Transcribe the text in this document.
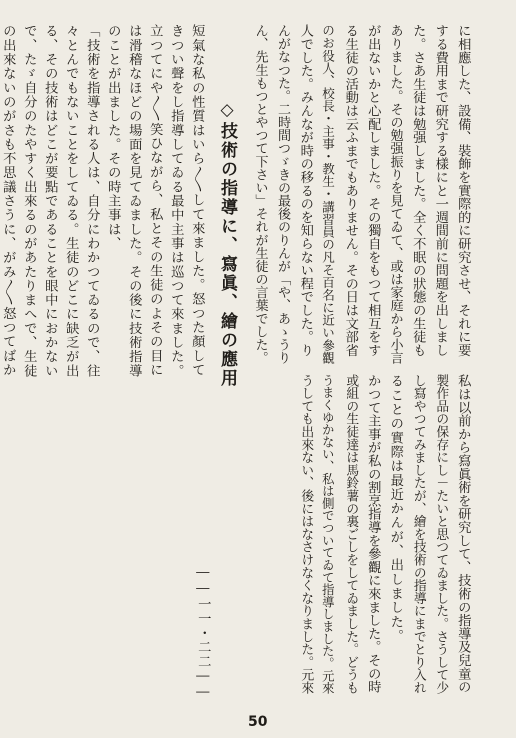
に相應した、設備、裝飾を實際的に研究させ、それに要
する費用まで研究する樣にと一週間前に問題を出しまし
た。さあ生徒は勉强しました。全く不眠の狀態の生徒も
ありました。その勉强振りを見てゐて、或は家庭から小言
が出ないかと心配しました。その獨自をもつて相互をす
る生徒の活動は云ふまでもありません。その日は文部省
のお役人、校長・主事・教生・講習員の凡そ百名に近い參觀
人でした。みんなが時の移るのを知らない程でした。り
んがなつた。二時間つゞきの最後のりんが「や、あゝうり
ん、先生もつとやつて下さい」それが生徒の言葉でした。
◇技術の指導に、寫眞、繪の應用
私は以前から寫眞術を研究して、技術の指導及兒童の
製作品の保存にし－たいと思つてゐました。さうして少
し寫やつてみましたが、繪を技術の指導にまでとり入れ
ることの實際は最近かんが、出しました。
かつて主事が私の割烹指導を參觀に來ました。その時
或組の生徒達は馬鈴薯の裏ごしをしてゐました。どうも
うまくゆかない、私は側でついてゐて指導しました。元來
うしても出來ない、後にはなさけなくなりました。元來
短氣な私の性質はいら〳〵して來ました。怒つた顏して
きつい聲をし指導してゐる最中主事は巡つて來ました。
立つてにや〳〵笑ひながら、私とその生徒のよその目に
は滑稽なほどの場面を見てゐました。その後に技術指導
のことが出ました。その時主事は、
「技術を指導される人は、自分にわかつてゐるので、往
々とんでもないことをしてゐる。生徒のどこに缺乏が出
る、その技術はどこが要點であることを眼中におかない
で、たゞ自分のたやすく出來るのがあたりまへで、生徒
の出來ないのがさも不思議さうに、がみ〳〵怒つてばか
――一一・二二――
50
